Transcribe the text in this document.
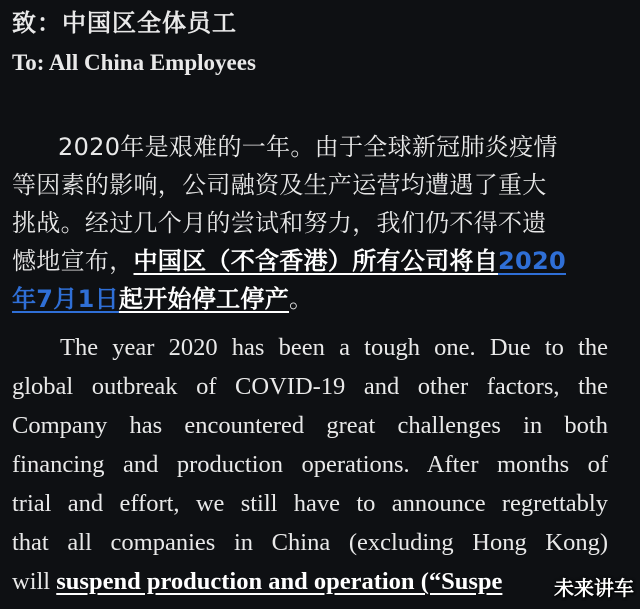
致：中国区全体员工
To: All China Employees
2020年是艰难的一年。由于全球新冠肺炎疫情
等因素的影响，公司融资及生产运营均遭遇了重大
挑战。经过几个月的尝试和努力，我们仍不得不遗
憾地宣布，中国区（不含香港）所有公司将自2020
年7月1日起开始停工停产。
The year 2020 has been a tough one. Due to the
global outbreak of COVID-19 and other factors, the
Company has encountered great challenges in both
financing and production operations. After months of
trial and effort, we still have to announce regrettably
that all companies in China (excluding Hong Kong)
will suspend production and operation (“Suspe	未来讲车
